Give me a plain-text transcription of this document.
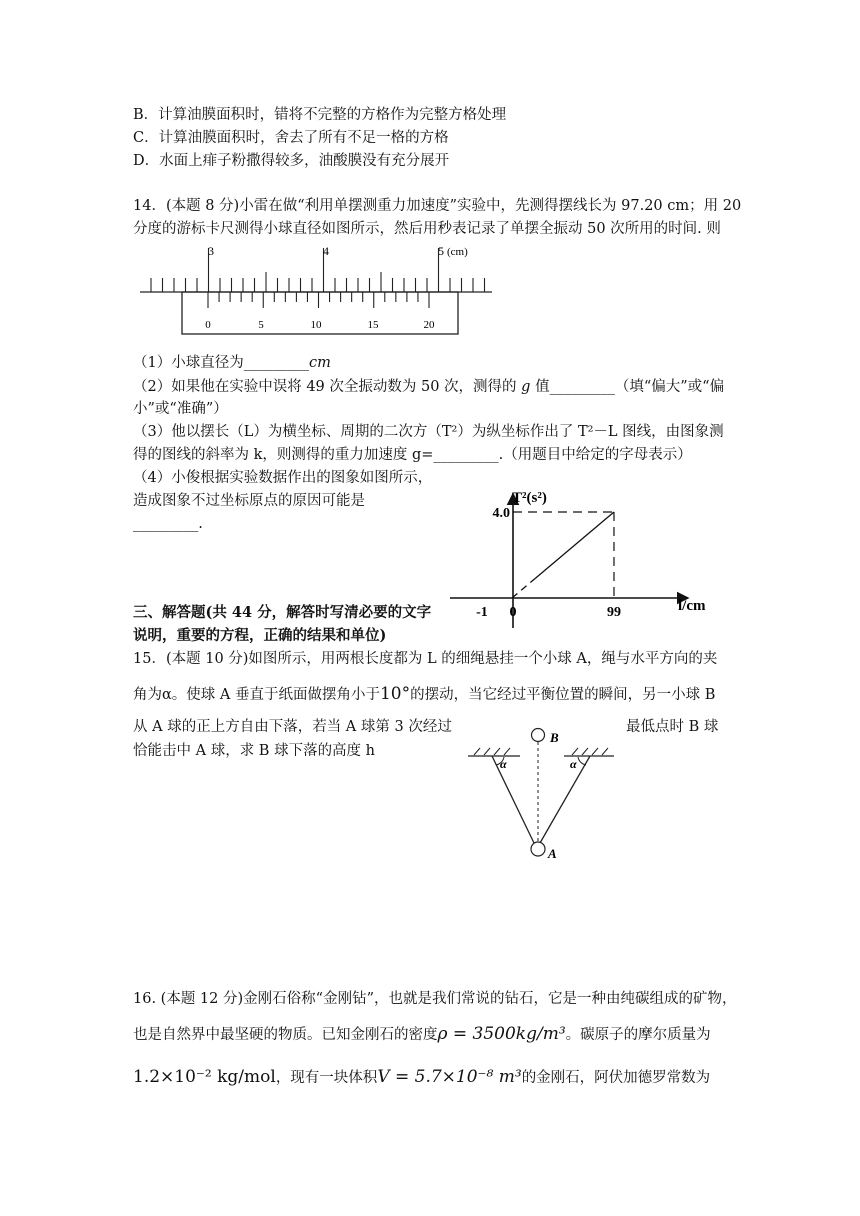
B．计算油膜面积时，错将不完整的方格作为完整方格处理
C．计算油膜面积时，舍去了所有不足一格的方格
D．水面上痱子粉撒得较多，油酸膜没有充分展开
14．(本题 8 分)小雷在做“利用单摆测重力加速度”实验中，先测得摆线长为 97.20 cm；用 20
分度的游标卡尺测得小球直径如图所示，然后用秒表记录了单摆全振动 50 次所用的时间. 则
3	4	5 (cm)
0	5	10	15	20
（1）小球直径为_________cm
（2）如果他在实验中误将 49 次全振动数为 50 次，测得的 g 值_________（填“偏大”或“偏
小”或“准确”）
（3）他以摆长（L）为横坐标、周期的二次方（T²）为纵坐标作出了 T²－L 图线，由图象测
得的图线的斜率为 k，则测得的重力加速度 g=_________.（用题目中给定的字母表示）
（4）小俊根据实验数据作出的图象如图所示，
造成图象不过坐标原点的原因可能是
_________.
T²(s²)
l/cm
-1 0	99
4.0
三、解答题(共 44 分，解答时写清必要的文字
说明，重要的方程，正确的结果和单位)
15．(本题 10 分)如图所示，用两根长度都为 L 的细绳悬挂一个小球 A，绳与水平方向的夹
角为α。使球 A 垂直于纸面做摆角小于10°的摆动，当它经过平衡位置的瞬间，另一小球 B
从 A 球的正上方自由下落，若当 A 球第 3 次经过	最低点时 B 球
恰能击中 A 球，求 B 球下落的高度 h
α	α
B
A
16. (本题 12 分)金刚石俗称“金刚钻”，也就是我们常说的钻石，它是一种由纯碳组成的矿物，
也是自然界中最坚硬的物质。已知金刚石的密度ρ = 3500kg/m³。碳原子的摩尔质量为
1.2×10⁻² kg/mol，现有一块体积V = 5.7×10⁻⁸ m³的金刚石，阿伏加德罗常数为
